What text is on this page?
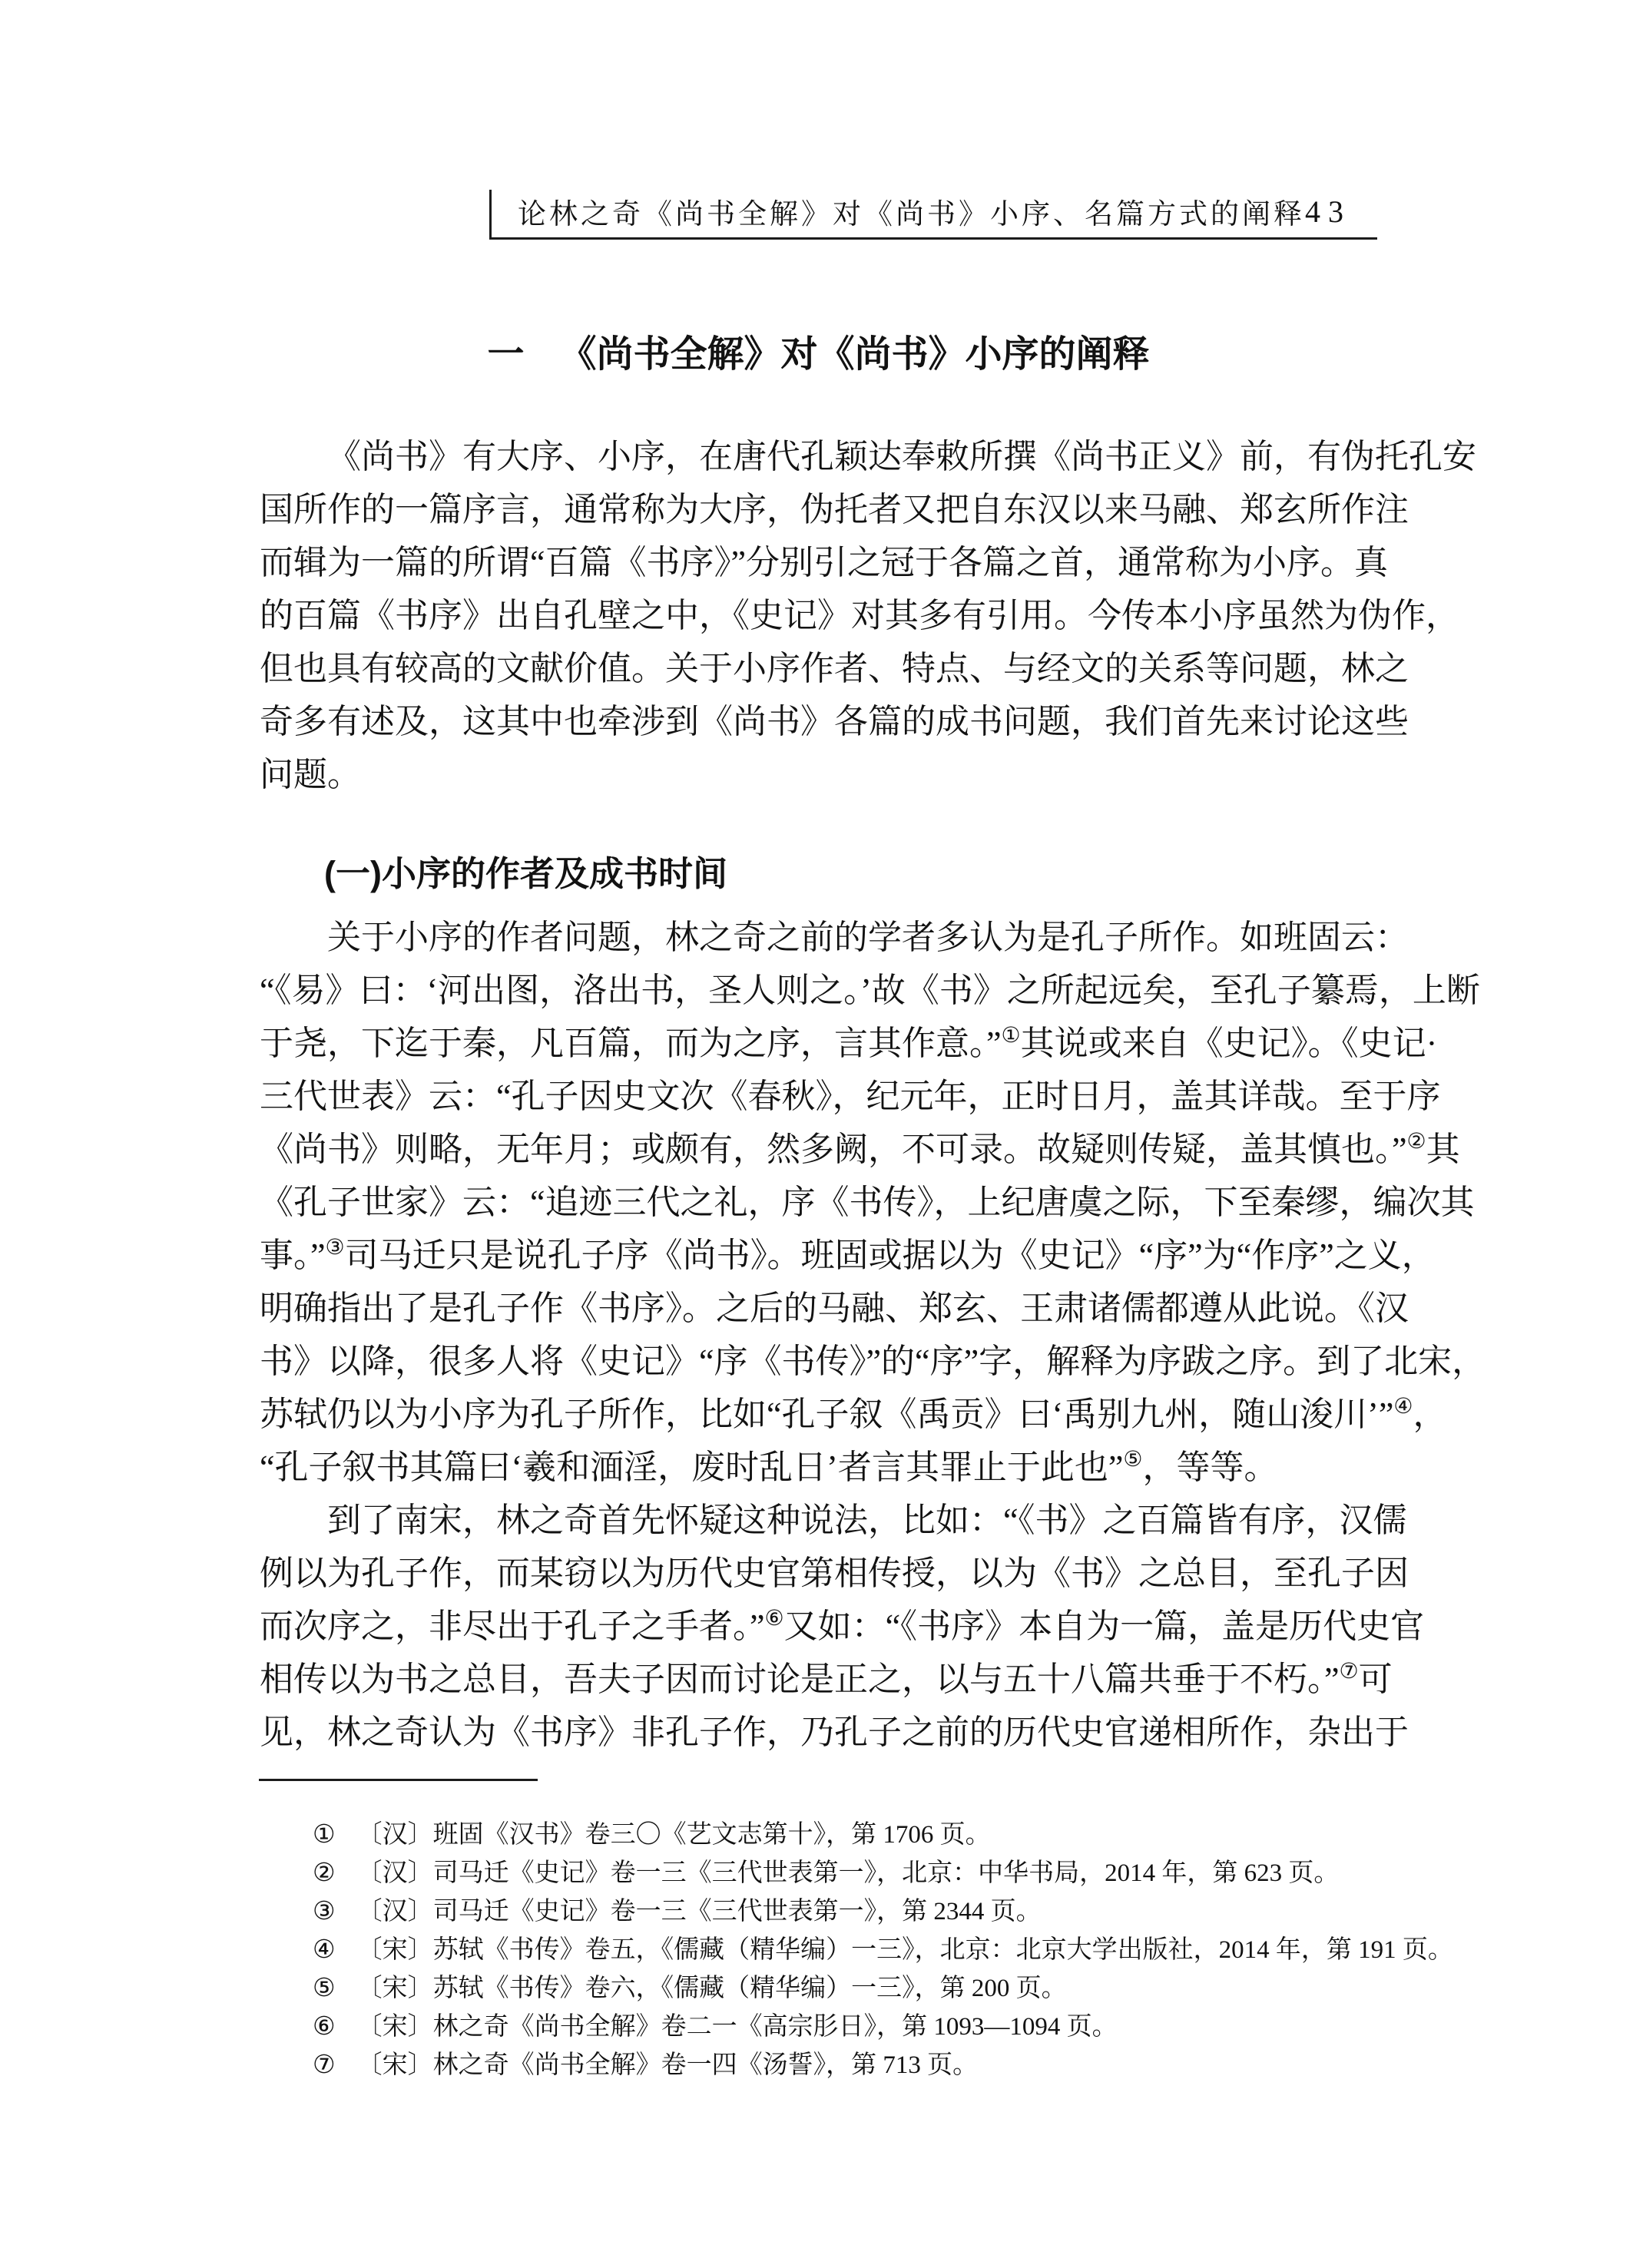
论林之奇《尚书全解》对《尚书》小序、名篇方式的阐释 43
一 《尚书全解》对《尚书》小序的阐释
《尚书》有大序、小序，在唐代孔颖达奉敕所撰《尚书正义》前，有伪托孔安
国所作的一篇序言，通常称为大序，伪托者又把自东汉以来马融、郑玄所作注
而辑为一篇的所谓“百篇《书序》”分别引之冠于各篇之首，通常称为小序。真
的百篇《书序》出自孔壁之中，《史记》对其多有引用。今传本小序虽然为伪作，
但也具有较高的文献价值。关于小序作者、特点、与经文的关系等问题，林之
奇多有述及，这其中也牵涉到《尚书》各篇的成书问题，我们首先来讨论这些
问题。
(一)小序的作者及成书时间
关于小序的作者问题，林之奇之前的学者多认为是孔子所作。如班固云：
“《易》曰：‘河出图，洛出书，圣人则之。’故《书》之所起远矣，至孔子纂焉，上断
于尧，下迄于秦，凡百篇，而为之序，言其作意。”①其说或来自《史记》。《史记·
三代世表》云：“孔子因史文次《春秋》，纪元年，正时日月，盖其详哉。至于序
《尚书》则略，无年月；或颇有，然多阙，不可录。故疑则传疑，盖其慎也。”②其
《孔子世家》云：“追迹三代之礼，序《书传》，上纪唐虞之际，下至秦缪，编次其
事。”③司马迁只是说孔子序《尚书》。班固或据以为《史记》“序”为“作序”之义，
明确指出了是孔子作《书序》。之后的马融、郑玄、王肃诸儒都遵从此说。《汉
书》以降，很多人将《史记》“序《书传》”的“序”字，解释为序跋之序。到了北宋，
苏轼仍以为小序为孔子所作，比如“孔子叙《禹贡》曰‘禹别九州，随山浚川’”④，
“孔子叙书其篇曰‘羲和湎淫，废时乱日’者言其罪止于此也”⑤，等等。
到了南宋，林之奇首先怀疑这种说法，比如：“《书》之百篇皆有序，汉儒
例以为孔子作，而某窃以为历代史官第相传授，以为《书》之总目，至孔子因
而次序之，非尽出于孔子之手者。”⑥又如：“《书序》本自为一篇，盖是历代史官
相传以为书之总目，吾夫子因而讨论是正之，以与五十八篇共垂于不朽。”⑦可
见，林之奇认为《书序》非孔子作，乃孔子之前的历代史官递相所作，杂出于
① 〔汉〕班固《汉书》卷三〇《艺文志第十》，第 1706 页。
② 〔汉〕司马迁《史记》卷一三《三代世表第一》，北京：中华书局，2014 年，第 623 页。
③ 〔汉〕司马迁《史记》卷一三《三代世表第一》，第 2344 页。
④ 〔宋〕苏轼《书传》卷五，《儒藏（精华编）一三》，北京：北京大学出版社，2014 年，第 191 页。
⑤ 〔宋〕苏轼《书传》卷六，《儒藏（精华编）一三》，第 200 页。
⑥ 〔宋〕林之奇《尚书全解》卷二一《高宗肜日》，第 1093—1094 页。
⑦ 〔宋〕林之奇《尚书全解》卷一四《汤誓》，第 713 页。
